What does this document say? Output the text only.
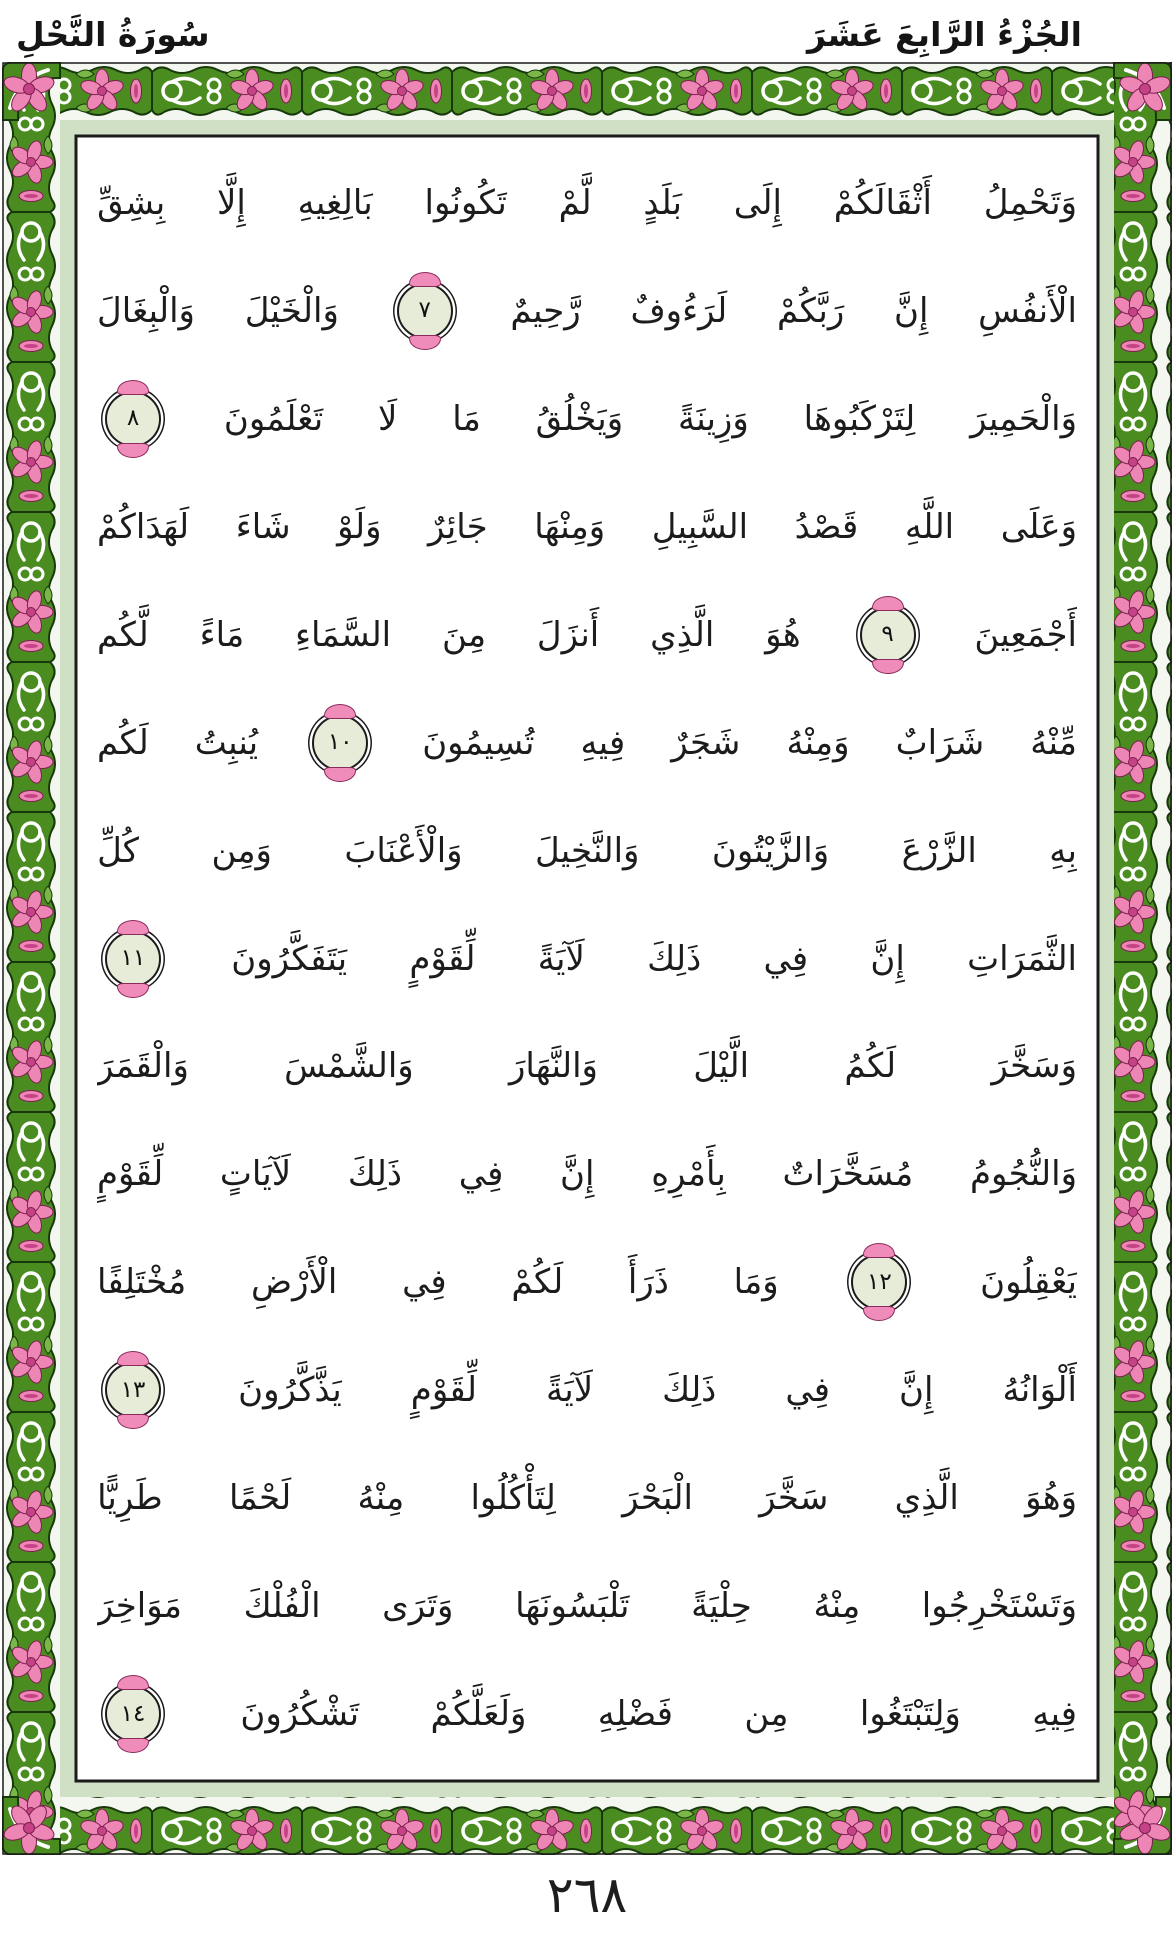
سُورَةُ النَّحْلِ	الجُزْءُ الرَّابِعَ عَشَرَ
وَتَحْمِلُ
أَثْقَالَكُمْ
إِلَى
بَلَدٍ
لَّمْ
تَكُونُوا
بَالِغِيهِ
إِلَّا
بِشِقِّ
الْأَنفُسِ
إِنَّ
رَبَّكُمْ
لَرَءُوفٌ
رَّحِيمٌ
٧
وَالْخَيْلَ
وَالْبِغَالَ
وَالْحَمِيرَ
لِتَرْكَبُوهَا
وَزِينَةً
وَيَخْلُقُ
مَا
لَا
تَعْلَمُونَ
٨
وَعَلَى
اللَّهِ
قَصْدُ
السَّبِيلِ
وَمِنْهَا
جَائِرٌ
وَلَوْ
شَاءَ
لَهَدَاكُمْ
أَجْمَعِينَ
٩
هُوَ
الَّذِي
أَنزَلَ
مِنَ
السَّمَاءِ
مَاءً
لَّكُم
مِّنْهُ
شَرَابٌ
وَمِنْهُ
شَجَرٌ
فِيهِ
تُسِيمُونَ
١٠
يُنبِتُ
لَكُم
بِهِ
الزَّرْعَ
وَالزَّيْتُونَ
وَالنَّخِيلَ
وَالْأَعْنَابَ
وَمِن
كُلِّ
الثَّمَرَاتِ
إِنَّ
فِي
ذَلِكَ
لَآيَةً
لِّقَوْمٍ
يَتَفَكَّرُونَ
١١
وَسَخَّرَ
لَكُمُ
الَّيْلَ
وَالنَّهَارَ
وَالشَّمْسَ
وَالْقَمَرَ
وَالنُّجُومُ
مُسَخَّرَاتٌ
بِأَمْرِهِ
إِنَّ
فِي
ذَلِكَ
لَآيَاتٍ
لِّقَوْمٍ
يَعْقِلُونَ
١٢
وَمَا
ذَرَأَ
لَكُمْ
فِي
الْأَرْضِ
مُخْتَلِفًا
أَلْوَانُهُ
إِنَّ
فِي
ذَلِكَ
لَآيَةً
لِّقَوْمٍ
يَذَّكَّرُونَ
١٣
وَهُوَ
الَّذِي
سَخَّرَ
الْبَحْرَ
لِتَأْكُلُوا
مِنْهُ
لَحْمًا
طَرِيًّا
وَتَسْتَخْرِجُوا
مِنْهُ
حِلْيَةً
تَلْبَسُونَهَا
وَتَرَى
الْفُلْكَ
مَوَاخِرَ
فِيهِ
وَلِتَبْتَغُوا
مِن
فَضْلِهِ
وَلَعَلَّكُمْ
تَشْكُرُونَ
١٤
٢٦٨
